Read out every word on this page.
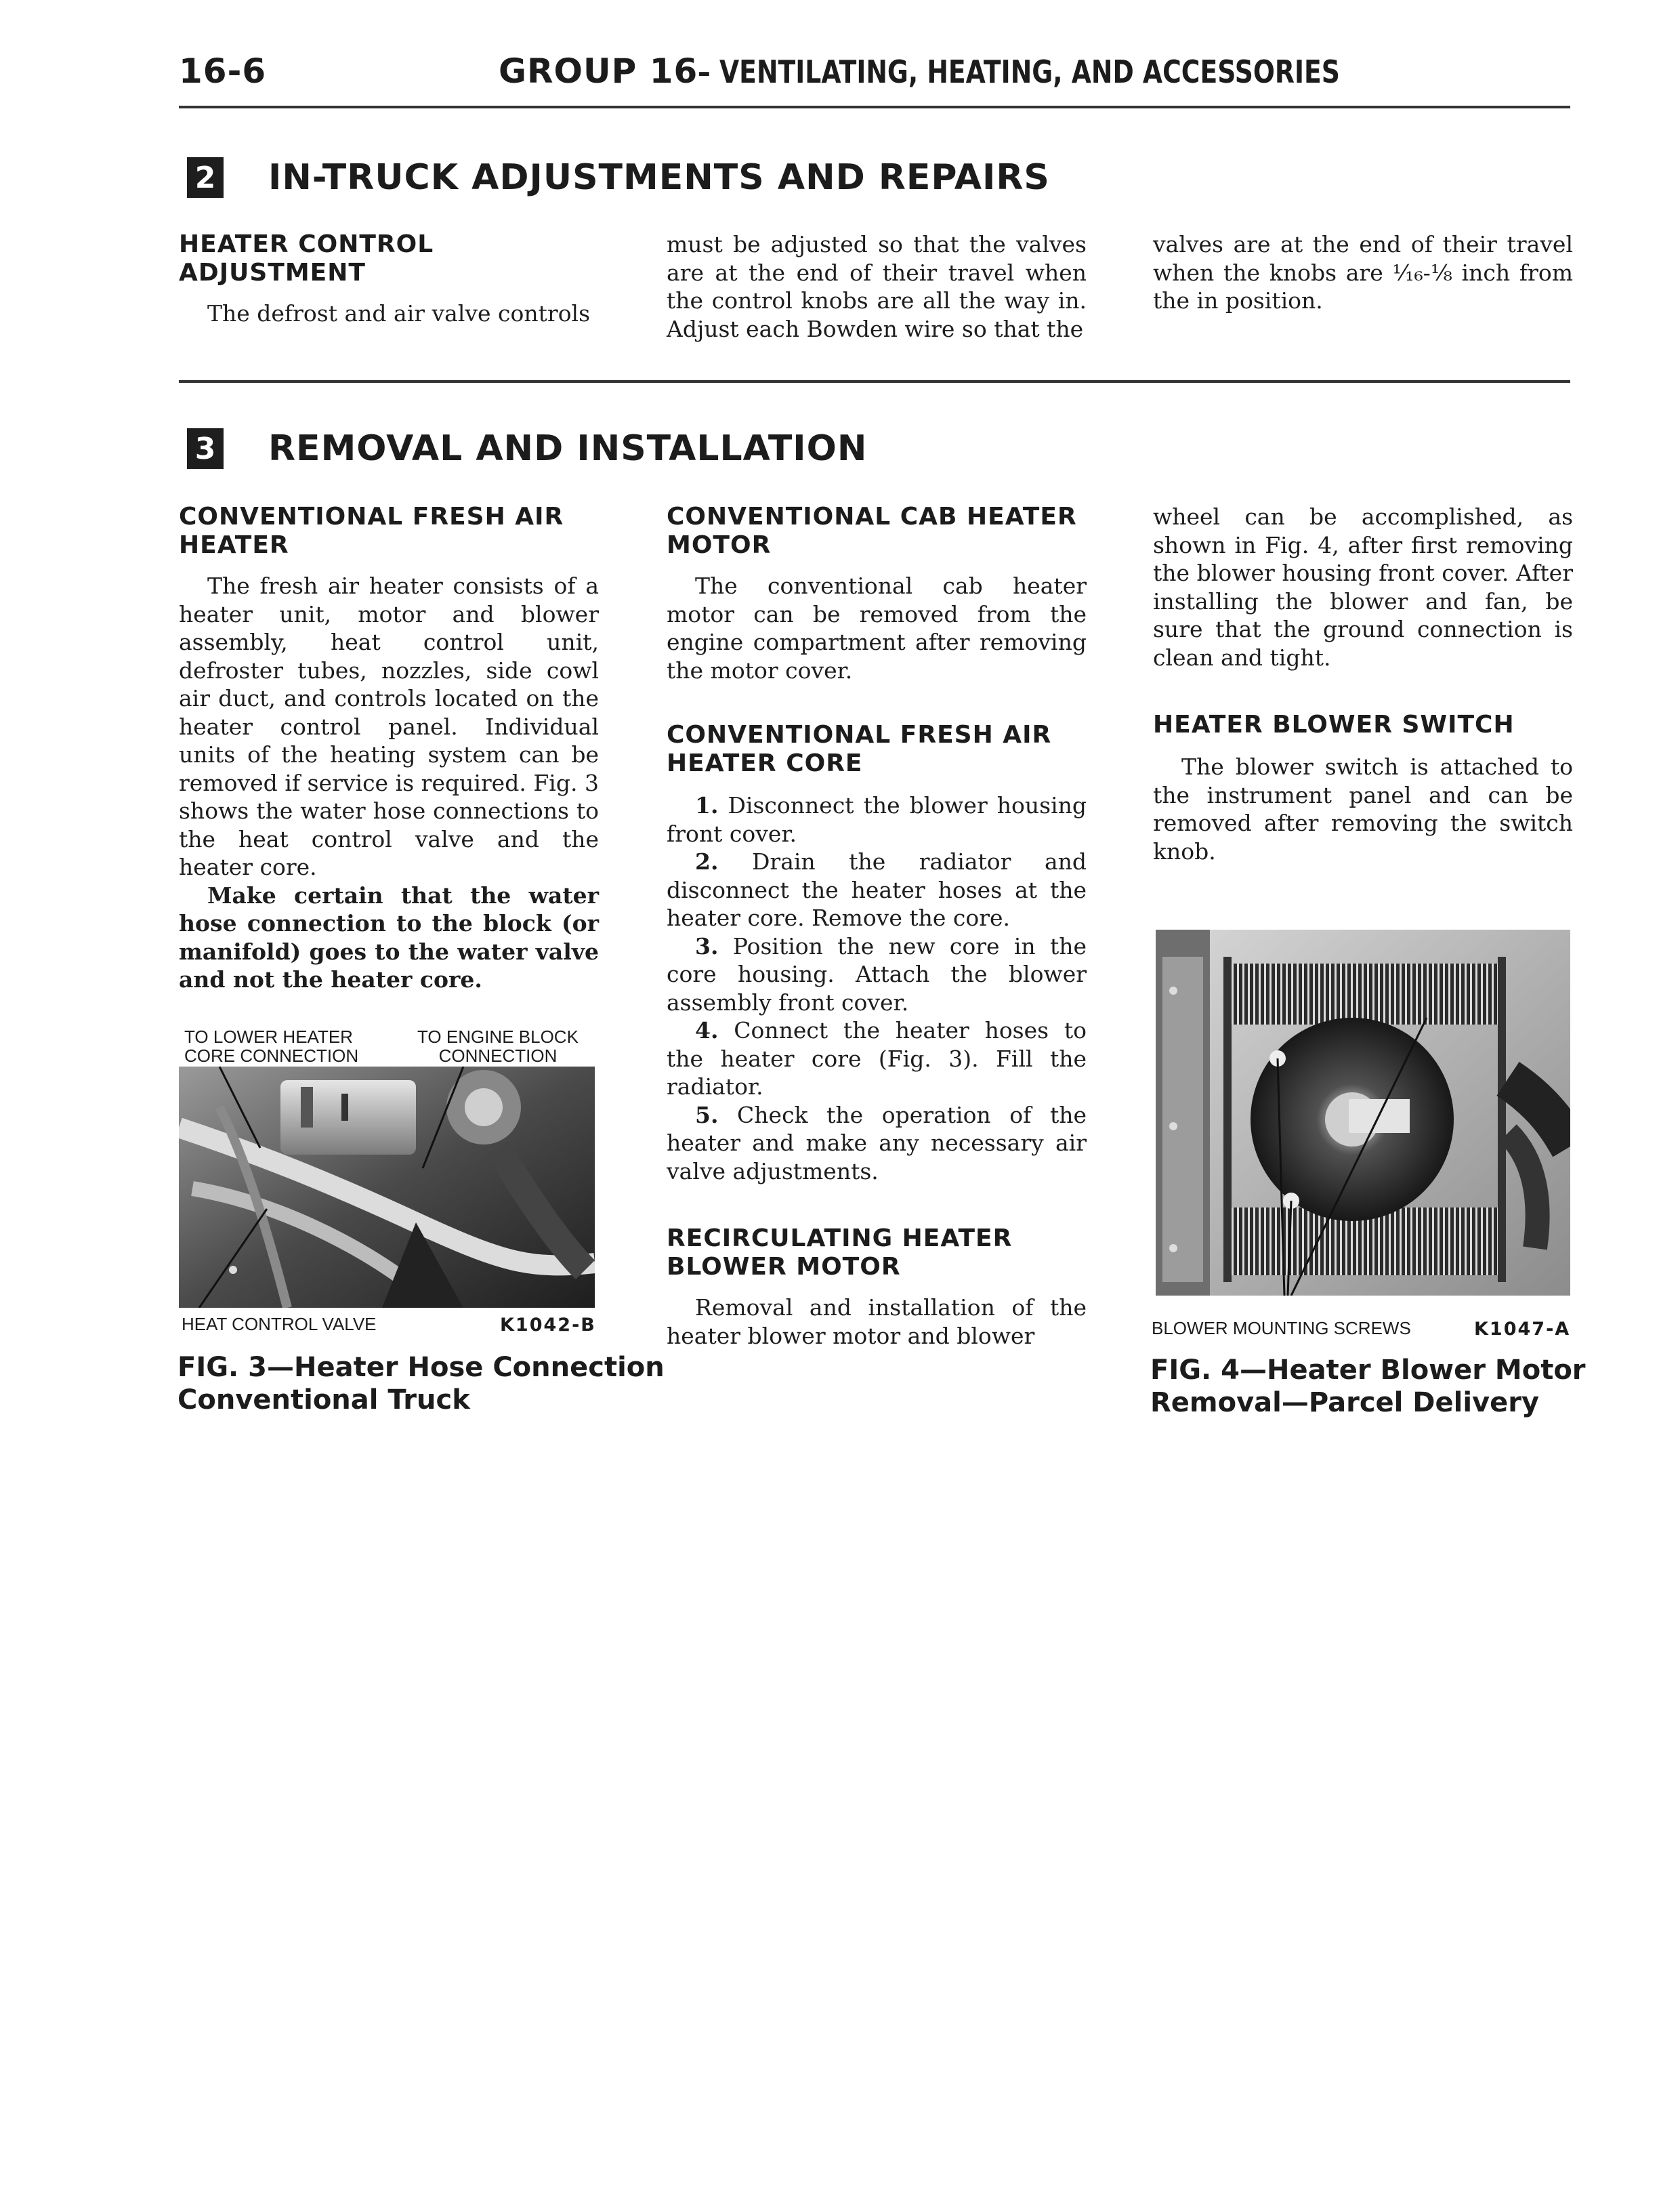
16-6	GROUP 16– VENTILATING, HEATING, AND ACCESSORIES
2 IN-TRUCK ADJUSTMENTS AND REPAIRS
HEATER CONTROL
ADJUSTMENT

The defrost and air valve controls

must be adjusted so that the valves are at the end of their travel when the control knobs are all the way in. Adjust each Bowden wire so that the

valves are at the end of their travel when the knobs are ¹⁄₁₆-⅛ inch from the in position.

3 REMOVAL AND INSTALLATION
CONVENTIONAL FRESH AIR HEATER

The fresh air heater consists of a heater unit, motor and blower assembly, heat control unit, defroster tubes, nozzles, side cowl air duct, and controls located on the heater control panel. Individual units of the heating system can be removed if service is required. Fig. 3 shows the water hose connections to the heat control valve and the heater core.

Make certain that the water hose connection to the block (or manifold) goes to the water valve and not the heater core.

TO LOWER HEATER
CORE CONNECTION
TO ENGINE BLOCK
CONNECTION
HEAT CONTROL VALVE	K1042-B
FIG. 3—Heater Hose Connection
Conventional Truck
CONVENTIONAL CAB HEATER MOTOR

The conventional cab heater motor can be removed from the engine compartment after removing the motor cover.

CONVENTIONAL FRESH AIR HEATER CORE

1. Disconnect the blower housing front cover.

2. Drain the radiator and disconnect the heater hoses at the heater core. Remove the core.

3. Position the new core in the core housing. Attach the blower assembly front cover.

4. Connect the heater hoses to the heater core (Fig. 3). Fill the radiator.

5. Check the operation of the heater and make any necessary air valve adjustments.

RECIRCULATING HEATER BLOWER MOTOR

Removal and installation of the heater blower motor and blower

wheel can be accomplished, as shown in Fig. 4, after first removing the blower housing front cover. After installing the blower and fan, be sure that the ground connection is clean and tight.

HEATER BLOWER SWITCH

The blower switch is attached to the instrument panel and can be removed after removing the switch knob.

BLOWER MOUNTING SCREWS	K1047-A
FIG. 4—Heater Blower Motor
Removal—Parcel Delivery
